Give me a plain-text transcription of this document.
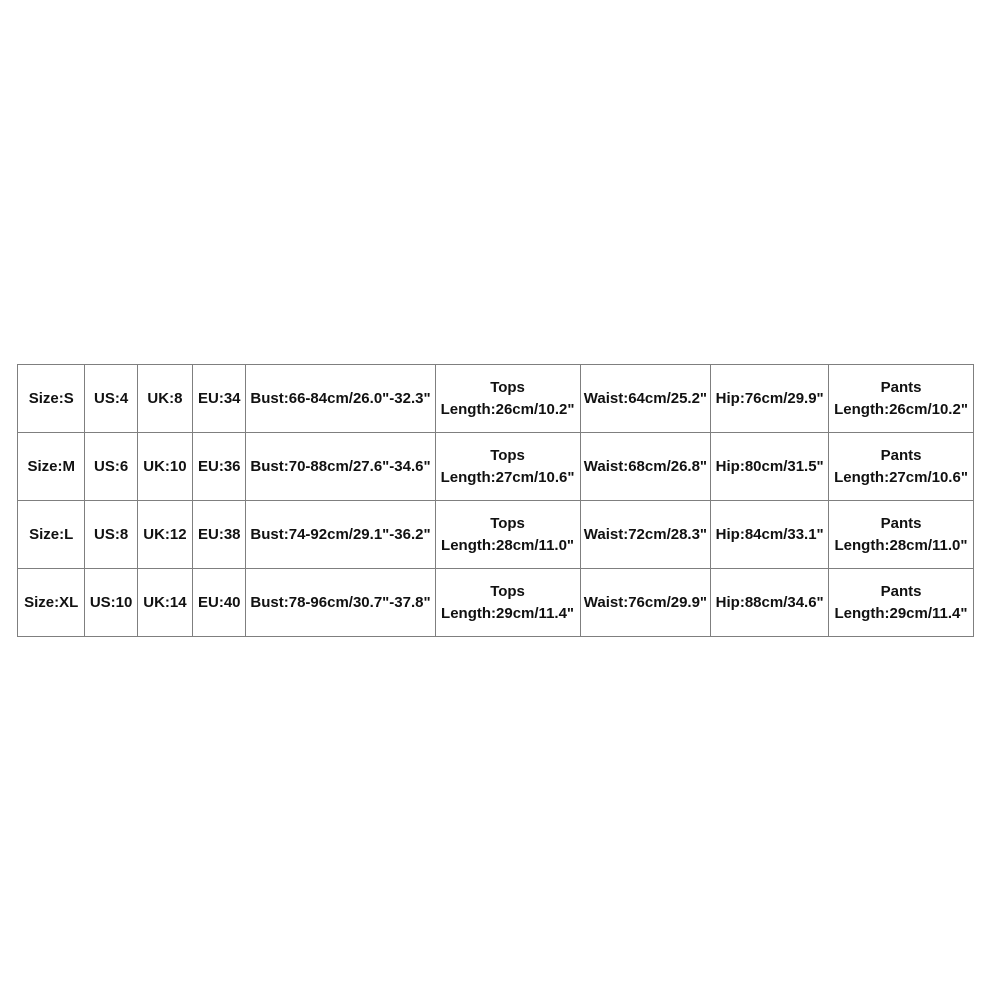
Size:S	US:4	UK:8	EU:34	Bust:66-84cm/26.0"-32.3"	Tops
Length:26cm/10.2"	Waist:64cm/25.2"	Hip:76cm/29.9"	Pants
Length:26cm/10.2"

Size:M	US:6	UK:10	EU:36	Bust:70-88cm/27.6"-34.6"	Tops
Length:27cm/10.6"	Waist:68cm/26.8"	Hip:80cm/31.5"	Pants
Length:27cm/10.6"

Size:L	US:8	UK:12	EU:38	Bust:74-92cm/29.1"-36.2"	Tops
Length:28cm/11.0"	Waist:72cm/28.3"	Hip:84cm/33.1"	Pants
Length:28cm/11.0"

Size:XL	US:10	UK:14	EU:40	Bust:78-96cm/30.7"-37.8"	Tops
Length:29cm/11.4"	Waist:76cm/29.9"	Hip:88cm/34.6"	Pants
Length:29cm/11.4"
